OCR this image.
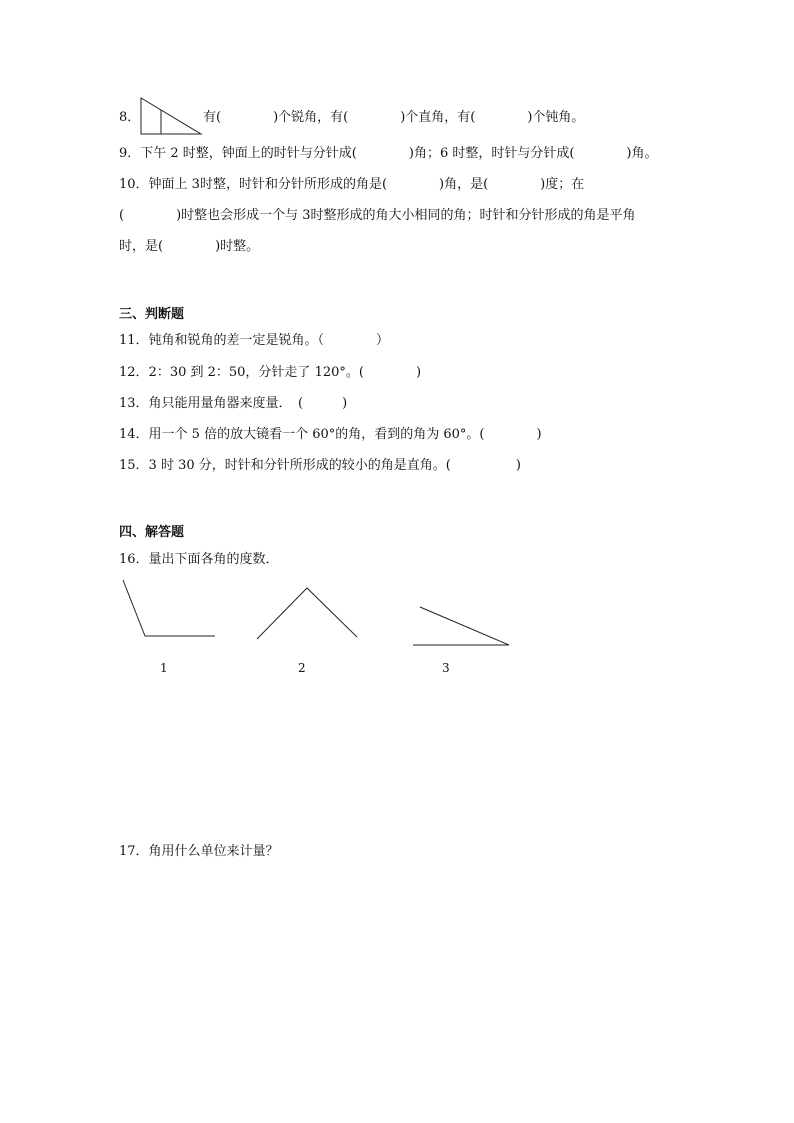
8．	有(　　　　)个锐角，有(　　　　)个直角，有(　　　　)个钝角。
9．下午 2 时整，钟面上的时针与分针成(　　　　)角；6 时整，时针与分针成(　　　　)角。
10．钟面上 3时整，时针和分针所形成的角是(　　　　)角，是(　　　　)度；在
(　　　　)时整也会形成一个与 3时整形成的角大小相同的角；时针和分针形成的角是平角
时，是(　　　　)时整。
三、判断题
11．钝角和锐角的差一定是锐角。（　　　　）
12．2：30 到 2：50，分针走了 120°。(　　　　)
13．角只能用量角器来度量．　(　　　)
14．用一个 5 倍的放大镜看一个 60°的角，看到的角为 60°。(　　　　)
15．3 时 30 分，时针和分针所形成的较小的角是直角。(　　　　　)
四、解答题
16．量出下面各角的度数．
1	2	3
17．角用什么单位来计量？
